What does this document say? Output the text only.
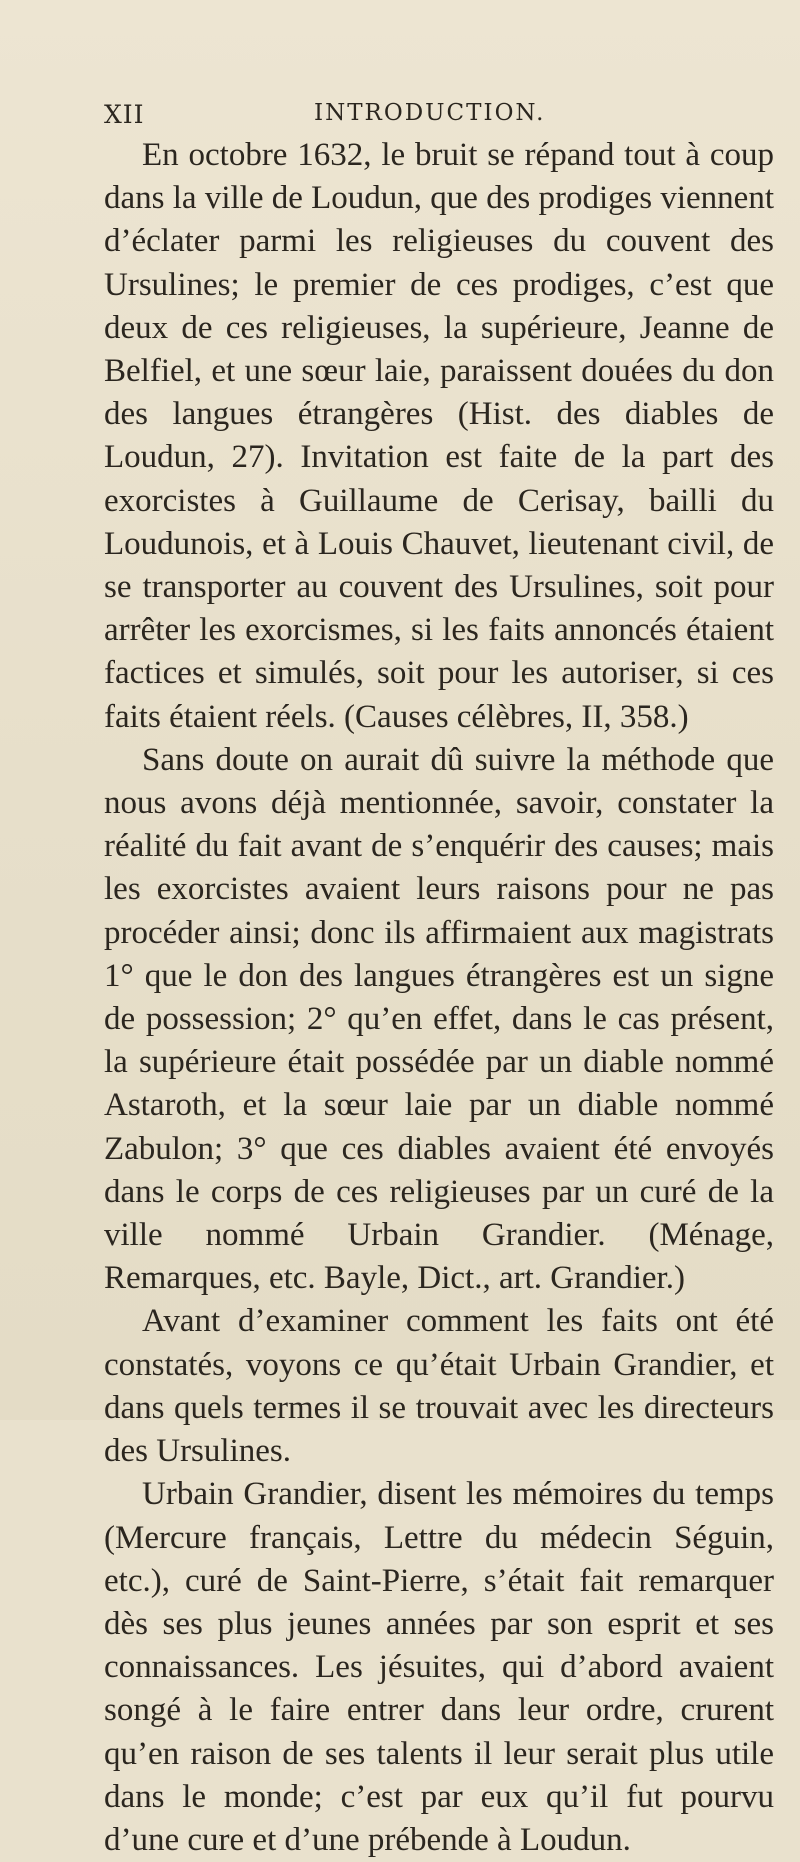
XII	INTRODUCTION.

En octobre 1632, le bruit se répand tout à coup dans la ville de Loudun, que des prodiges viennent d’éclater parmi les religieuses du couvent des Ursulines; le premier de ces prodiges, c’est que deux de ces religieuses, la supérieure, Jeanne de Belfiel, et une sœur laie, paraissent douées du don des langues étrangères (Hist. des diables de Loudun, 27). Invitation est faite de la part des exorcistes à Guillaume de Cerisay, bailli du Loudunois, et à Louis Chauvet, lieutenant civil, de se transporter au couvent des Ursulines, soit pour arrêter les exorcismes, si les faits annoncés étaient factices et simulés, soit pour les autoriser, si ces faits étaient réels. (Causes célèbres, II, 358.)

Sans doute on aurait dû suivre la méthode que nous avons déjà mentionnée, savoir, constater la réalité du fait avant de s’enquérir des causes; mais les exorcistes avaient leurs raisons pour ne pas procéder ainsi; donc ils affirmaient aux magistrats 1° que le don des langues étrangères est un signe de possession; 2° qu’en effet, dans le cas présent, la supérieure était possédée par un diable nommé Astaroth, et la sœur laie par un diable nommé Zabulon; 3° que ces diables avaient été envoyés dans le corps de ces religieuses par un curé de la ville nommé Urbain Grandier. (Ménage, Remarques, etc. Bayle, Dict., art. Grandier.)

Avant d’examiner comment les faits ont été constatés, voyons ce qu’était Urbain Grandier, et dans quels termes il se trouvait avec les directeurs des Ursulines.

Urbain Grandier, disent les mémoires du temps (Mercure français, Lettre du médecin Séguin, etc.), curé de Saint-Pierre, s’était fait remarquer dès ses plus jeunes années par son esprit et ses connaissances. Les jésuites, qui d’abord avaient songé à le faire entrer dans leur ordre, crurent qu’en raison de ses talents il leur serait plus utile dans le monde; c’est par eux qu’il fut pourvu d’une cure et d’une prébende à Loudun.
